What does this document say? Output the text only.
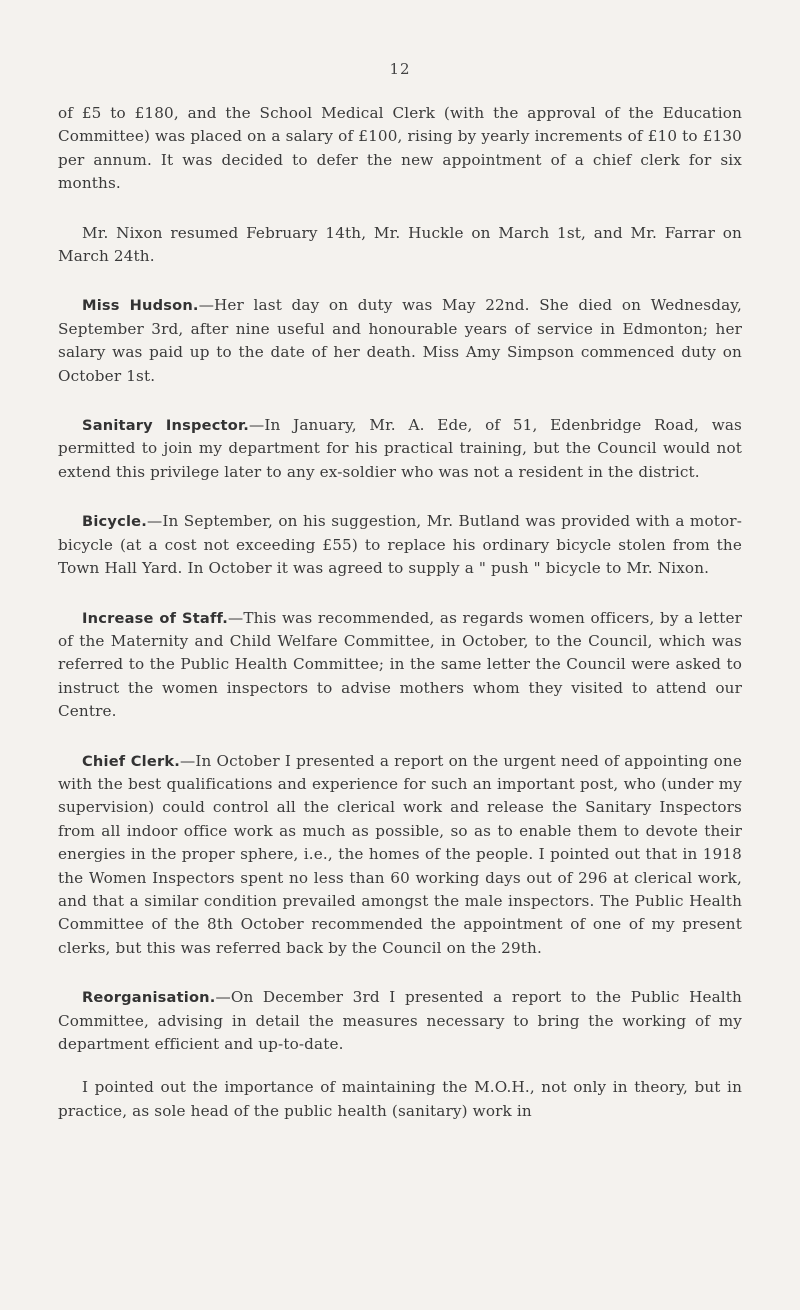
12

of £5 to £180, and the School Medical Clerk (with the approval of the Education Committee) was placed on a salary of £100, rising by yearly increments of £10 to £130 per annum. It was decided to defer the new appointment of a chief clerk for six months.

Mr. Nixon resumed February 14th, Mr. Huckle on March 1st, and Mr. Farrar on March 24th.

Miss Hudson.—Her last day on duty was May 22nd. She died on Wednesday, September 3rd, after nine useful and honourable years of service in Edmonton; her salary was paid up to the date of her death. Miss Amy Simpson commenced duty on October 1st.

Sanitary Inspector.—In January, Mr. A. Ede, of 51, Edenbridge Road, was permitted to join my department for his practical training, but the Council would not extend this privilege later to any ex-soldier who was not a resident in the district.

Bicycle.—In September, on his suggestion, Mr. Butland was provided with a motor-bicycle (at a cost not exceeding £55) to replace his ordinary bicycle stolen from the Town Hall Yard. In October it was agreed to supply a " push " bicycle to Mr. Nixon.

Increase of Staff.—This was recommended, as regards women officers, by a letter of the Maternity and Child Welfare Committee, in October, to the Council, which was referred to the Public Health Committee; in the same letter the Council were asked to instruct the women inspectors to advise mothers whom they visited to attend our Centre.

Chief Clerk.—In October I presented a report on the urgent need of appointing one with the best qualifications and experience for such an important post, who (under my supervision) could control all the clerical work and release the Sanitary Inspectors from all indoor office work as much as possible, so as to enable them to devote their energies in the proper sphere, i.e., the homes of the people. I pointed out that in 1918 the Women Inspectors spent no less than 60 working days out of 296 at clerical work, and that a similar condition prevailed amongst the male inspectors. The Public Health Committee of the 8th October recommended the appointment of one of my present clerks, but this was referred back by the Council on the 29th.

Reorganisation.—On December 3rd I presented a report to the Public Health Committee, advising in detail the measures necessary to bring the working of my department efficient and up-to-date.

I pointed out the importance of maintaining the M.O.H., not only in theory, but in practice, as sole head of the public health (sanitary) work in
